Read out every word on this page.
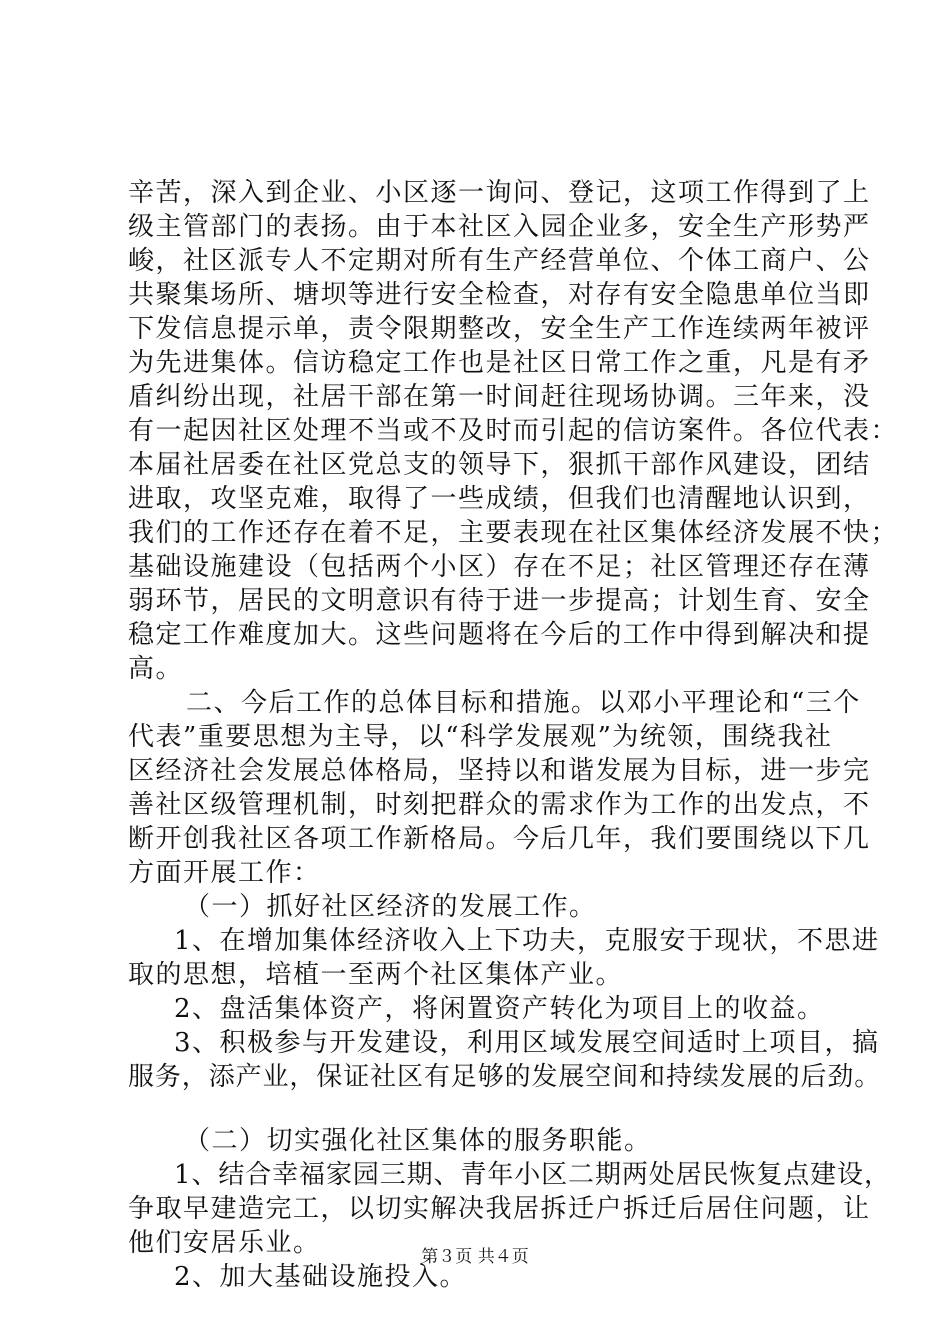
辛苦，深入到企业、小区逐一询问、登记，这项工作得到了上
级主管部门的表扬。由于本社区入园企业多，安全生产形势严
峻，社区派专人不定期对所有生产经营单位、个体工商户、公
共聚集场所、塘坝等进行安全检查，对存有安全隐患单位当即
下发信息提示单，责令限期整改，安全生产工作连续两年被评
为先进集体。信访稳定工作也是社区日常工作之重，凡是有矛
盾纠纷出现，社居干部在第一时间赶往现场协调。三年来，没
有一起因社区处理不当或不及时而引起的信访案件。各位代表：
本届社居委在社区党总支的领导下，狠抓干部作风建设，团结
进取，攻坚克难，取得了一些成绩，但我们也清醒地认识到，
我们的工作还存在着不足，主要表现在社区集体经济发展不快；
基础设施建设（包括两个小区）存在不足；社区管理还存在薄
弱环节，居民的文明意识有待于进一步提高；计划生育、安全
稳定工作难度加大。这些问题将在今后的工作中得到解决和提
高。
二、今后工作的总体目标和措施。以邓小平理论和“三个
代表”重要思想为主导，以“科学发展观”为统领，围绕我社
区经济社会发展总体格局，坚持以和谐发展为目标，进一步完
善社区级管理机制，时刻把群众的需求作为工作的出发点，不
断开创我社区各项工作新格局。今后几年，我们要围绕以下几
方面开展工作：
（一）抓好社区经济的发展工作。
1、在增加集体经济收入上下功夫，克服安于现状，不思进
取的思想，培植一至两个社区集体产业。
2、盘活集体资产，将闲置资产转化为项目上的收益。
3、积极参与开发建设，利用区域发展空间适时上项目，搞
服务，添产业，保证社区有足够的发展空间和持续发展的后劲。
（二）切实强化社区集体的服务职能。
1、结合幸福家园三期、青年小区二期两处居民恢复点建设，
争取早建造完工，以切实解决我居拆迁户拆迁后居住问题，让
他们安居乐业。
2、加大基础设施投入。
第３页 共４页
